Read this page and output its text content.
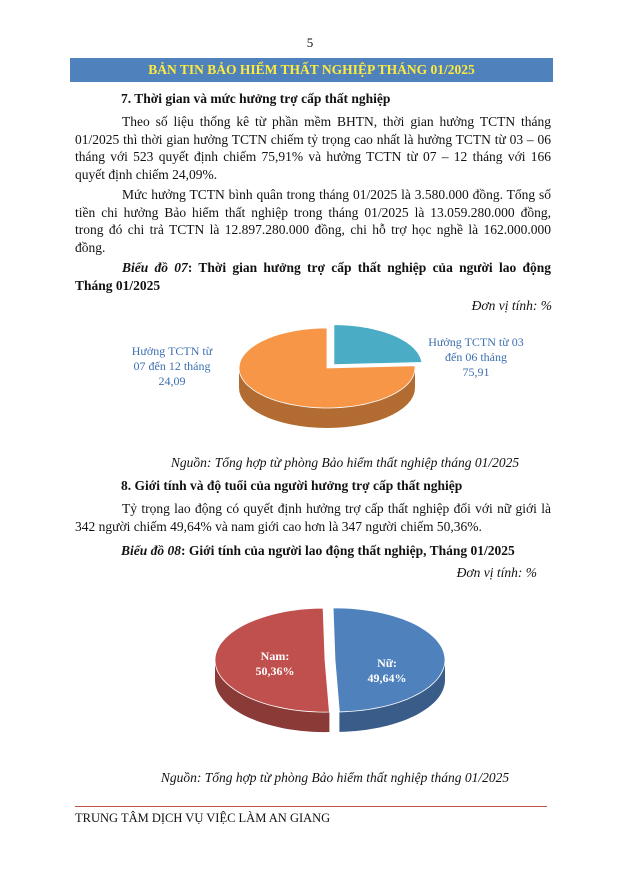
5
BẢN TIN BẢO HIỂM THẤT NGHIỆP THÁNG 01/2025
7. Thời gian và mức hưởng trợ cấp thất nghiệp
Theo số liệu thống kê từ phần mềm BHTN, thời gian hưởng TCTN tháng 01/2025 thì thời gian hưởng TCTN chiếm tỷ trọng cao nhất là hưởng TCTN từ 03 – 06 tháng với 523 quyết định chiếm 75,91% và hưởng TCTN từ 07 – 12 tháng với 166 quyết định chiếm 24,09%.
Mức hưởng TCTN bình quân trong tháng 01/2025 là 3.580.000 đồng. Tổng số tiền chi hưởng Bảo hiểm thất nghiệp trong tháng 01/2025 là 13.059.280.000 đồng, trong đó chi trả TCTN là 12.897.280.000 đồng, chi hỗ trợ học nghề là 162.000.000 đồng.
Biểu đồ 07: Thời gian hưởng trợ cấp thất nghiệp của người lao động Tháng 01/2025
Đơn vị tính: %
Hưởng TCTN từ 03
đến 06 tháng
75,91
Hưởng TCTN từ
07 đến 12 tháng
24,09
Nguồn: Tổng hợp từ phòng Bảo hiểm thất nghiệp tháng 01/2025
8. Giới tính và độ tuổi của người hưởng trợ cấp thất nghiệp
Tỷ trọng lao động có quyết định hưởng trợ cấp thất nghiệp đối với nữ giới là 342 người chiếm 49,64% và nam giới cao hơn là 347 người chiếm 50,36%.
Biểu đồ 08: Giới tính của người lao động thất nghiệp, Tháng 01/2025
Đơn vị tính: %
Nam:
50,36%
Nữ:
49,64%
Nguồn: Tổng hợp từ phòng Bảo hiểm thất nghiệp tháng 01/2025
TRUNG TÂM DỊCH VỤ VIỆC LÀM AN GIANG
